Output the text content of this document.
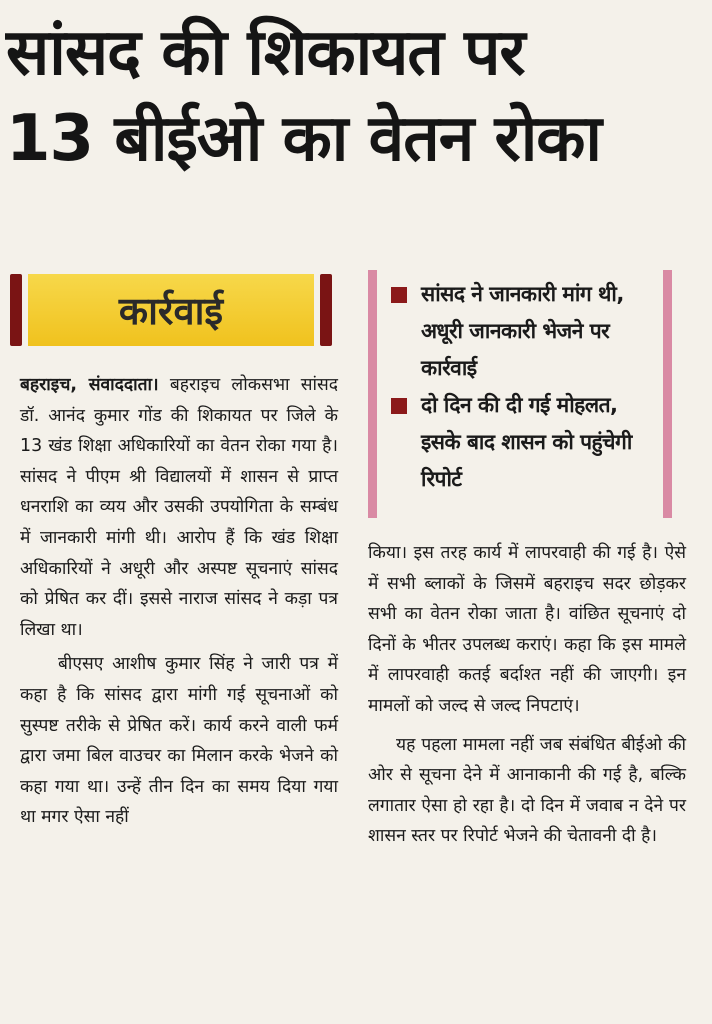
सांसद की शिकायत पर
13 बीईओ का वेतन रोका
कार्रवाई

बहराइच, संवाददाता। बहराइच लोकसभा सांसद डॉ. आनंद कुमार गोंड की शिकायत पर जिले के 13 खंड शिक्षा अधिकारियों का वेतन रोका गया है। सांसद ने पीएम श्री विद्यालयों में शासन से प्राप्त धनराशि का व्यय और उसकी उपयोगिता के सम्बंध में जानकारी मांगी थी। आरोप हैं कि खंड शिक्षा अधिकारियों ने अधूरी और अस्पष्ट सूचनाएं सांसद को प्रेषित कर दीं। इससे नाराज सांसद ने कड़ा पत्र लिखा था।

बीएसए आशीष कुमार सिंह ने जारी पत्र में कहा है कि सांसद द्वारा मांगी गई सूचनाओं को सुस्पष्ट तरीके से प्रेषित करें। कार्य करने वाली फर्म द्वारा जमा बिल वाउचर का मिलान करके भेजने को कहा गया था। उन्हें तीन दिन का समय दिया गया था मगर ऐसा नहीं

सांसद ने जानकारी मांग थी, अधूरी जानकारी भेजने पर कार्रवाई
दो दिन की दी गई मोहलत, इसके बाद शासन को पहुंचेगी रिपोर्ट

किया। इस तरह कार्य में लापरवाही की गई है। ऐसे में सभी ब्लाकों के जिसमें बहराइच सदर छोड़कर सभी का वेतन रोका जाता है। वांछित सूचनाएं दो दिनों के भीतर उपलब्ध कराएं। कहा कि इस मामले में लापरवाही कतई बर्दाश्त नहीं की जाएगी। इन मामलों को जल्द से जल्द निपटाएं।

यह पहला मामला नहीं जब संबंधित बीईओ की ओर से सूचना देने में आनाकानी की गई है, बल्कि लगातार ऐसा हो रहा है। दो दिन में जवाब न देने पर शासन स्तर पर रिपोर्ट भेजने की चेतावनी दी है।
